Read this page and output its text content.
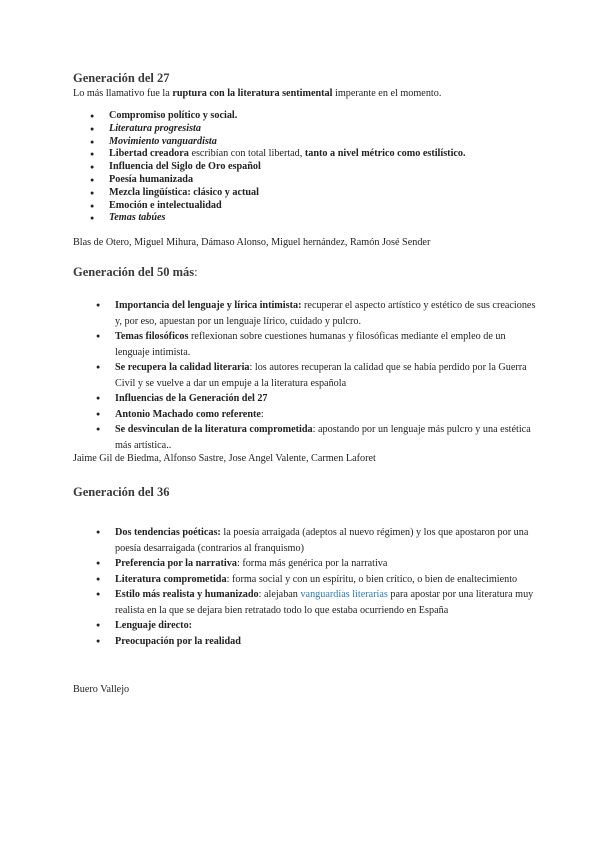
Generación del 27
Lo más llamativo fue la ruptura con la literatura sentimental imperante en el momento.
● Compromiso político y social.
● Literatura progresista
● Movimiento vanguardista
● Libertad creadora escribían con total libertad, tanto a nivel métrico como estilístico.
● Influencia del Siglo de Oro español
● Poesía humanizada
● Mezcla lingüística: clásico y actual
● Emoción e intelectualidad
● Temas tabúes
Blas de Otero, Miguel Mihura, Dámaso Alonso, Miguel hernández, Ramón José Sender
Generación del 50 más:
● Importancia del lenguaje y lírica intimista: recuperar el aspecto artístico y estético de sus creaciones y, por eso, apuestan por un lenguaje lírico, cuidado y pulcro.
● Temas filosóficos reflexionan sobre cuestiones humanas y filosóficas mediante el empleo de un lenguaje intimista.
● Se recupera la calidad literaria: los autores recuperan la calidad que se había perdido por la Guerra Civil y se vuelve a dar un empuje a la literatura española
● Influencias de la Generación del 27
● Antonio Machado como referente:
● Se desvinculan de la literatura comprometida: apostando por un lenguaje más pulcro y una estética más artística..
Jaime Gil de Biedma, Alfonso Sastre, Jose Angel Valente, Carmen Laforet
Generación del 36
● Dos tendencias poéticas: la poesía arraigada (adeptos al nuevo régimen) y los que apostaron por una poesía desarraigada (contrarios al franquismo)
● Preferencia por la narrativa: forma más genérica por la narrativa
● Literatura comprometida: forma social y con un espíritu, o bien crítico, o bien de enaltecimiento
● Estilo más realista y humanizado: alejaban vanguardias literarias para apostar por una literatura muy realista en la que se dejara bien retratado todo lo que estaba ocurriendo en España
● Lenguaje directo:
● Preocupación por la realidad
Buero Vallejo
